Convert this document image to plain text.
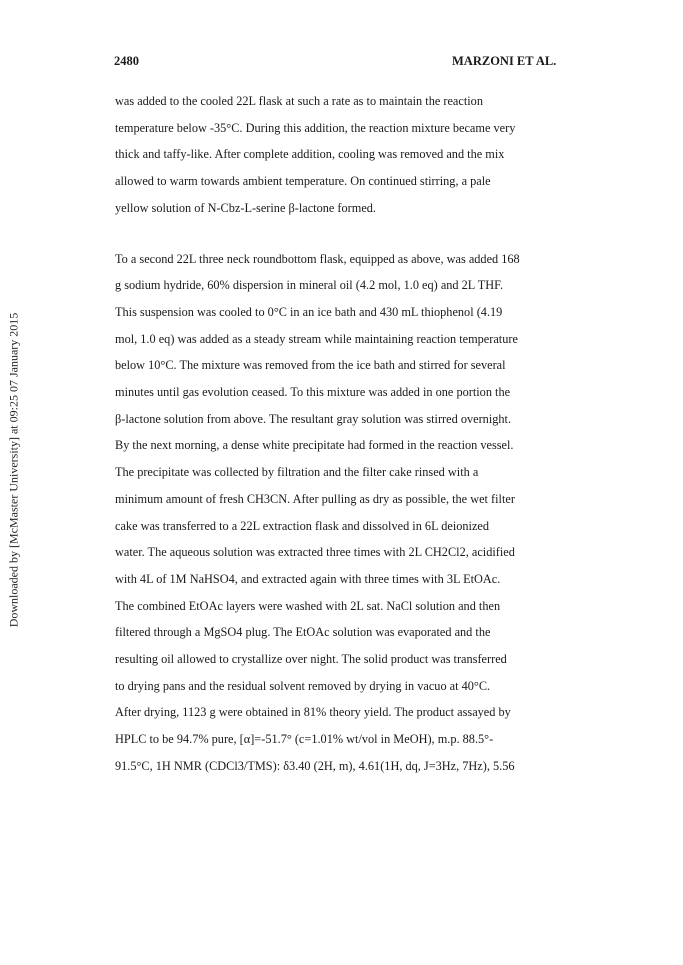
2480	MARZONI ET AL.
Downloaded by [McMaster University] at 09:25 07 January 2015
was added to the cooled 22L flask at such a rate as to maintain the reaction
temperature below -35°C. During this addition, the reaction mixture became very
thick and taffy-like. After complete addition, cooling was removed and the mix
allowed to warm towards ambient temperature. On continued stirring, a pale
yellow solution of N-Cbz-L-serine β-lactone formed.
To a second 22L three neck roundbottom flask, equipped as above, was added 168
g sodium hydride, 60% dispersion in mineral oil (4.2 mol, 1.0 eq) and 2L THF.
This suspension was cooled to 0°C in an ice bath and 430 mL thiophenol (4.19
mol, 1.0 eq) was added as a steady stream while maintaining reaction temperature
below 10°C. The mixture was removed from the ice bath and stirred for several
minutes until gas evolution ceased. To this mixture was added in one portion the
β-lactone solution from above. The resultant gray solution was stirred overnight.
By the next morning, a dense white precipitate had formed in the reaction vessel.
The precipitate was collected by filtration and the filter cake rinsed with a
minimum amount of fresh CH3CN. After pulling as dry as possible, the wet filter
cake was transferred to a 22L extraction flask and dissolved in 6L deionized
water. The aqueous solution was extracted three times with 2L CH2Cl2, acidified
with 4L of 1M NaHSO4, and extracted again with three times with 3L EtOAc.
The combined EtOAc layers were washed with 2L sat. NaCl solution and then
filtered through a MgSO4 plug. The EtOAc solution was evaporated and the
resulting oil allowed to crystallize over night. The solid product was transferred
to drying pans and the residual solvent removed by drying in vacuo at 40°C.
After drying, 1123 g were obtained in 81% theory yield. The product assayed by
HPLC to be 94.7% pure, [α]=-51.7° (c=1.01% wt/vol in MeOH), m.p. 88.5°-
91.5°C, 1H NMR (CDCl3/TMS): δ3.40 (2H, m), 4.61(1H, dq, J=3Hz, 7Hz), 5.56
